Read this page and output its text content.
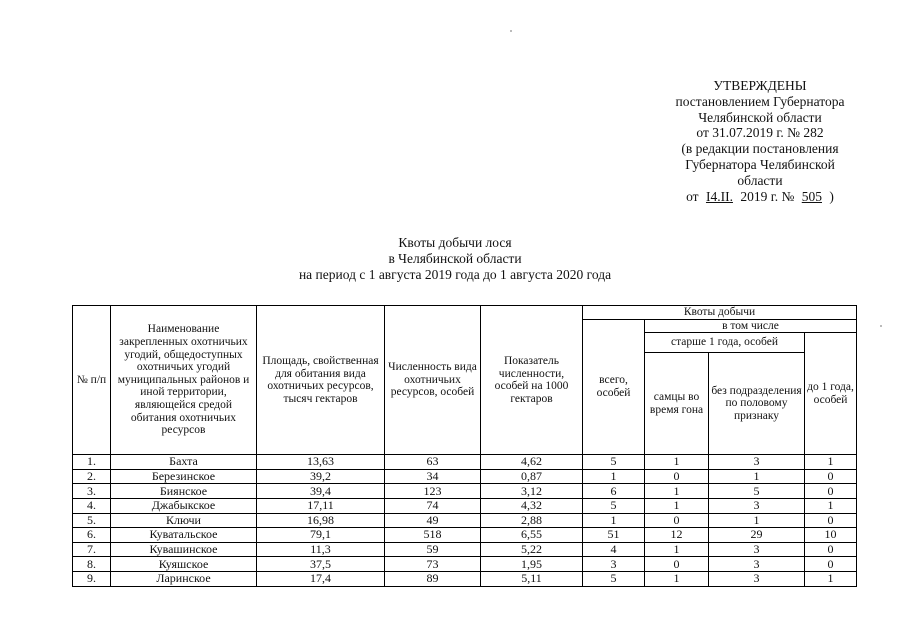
УТВЕРЖДЕНЫ
постановлением Губернатора
Челябинской области
от 31.07.2019 г. № 282
(в редакции постановления
Губернатора Челябинской
области
от I4.II. 2019 г. № 505 )
Квоты добычи лося
в Челябинской области
на период с 1 августа 2019 года до 1 августа 2020 года
№ п/п	Наименование закрепленных охотничьих угодий, общедоступных охотничьих угодий муниципальных районов и иной территории, являющейся средой обитания охотничьих ресурсов	Площадь, свойственная для обитания вида охотничьих ресурсов, тысяч гектаров	Численность вида охотничьих ресурсов, особей	Показатель численности, особей на 1000 гектаров	Квоты добычи			
					всего, особей	в том числе		
						старше 1 года, особей		до 1 года, особей
						самцы во время гона	без подразделения по половому признаку	
1.	Бахта	13,63	63	4,62	5	1	3	1
2.	Березинское	39,2	34	0,87	1	0	1	0
3.	Биянское	39,4	123	3,12	6	1	5	0
4.	Джабыкское	17,11	74	4,32	5	1	3	1
5.	Ключи	16,98	49	2,88	1	0	1	0
6.	Куватальское	79,1	518	6,55	51	12	29	10
7.	Кувашинское	11,3	59	5,22	4	1	3	0
8.	Куяшское	37,5	73	1,95	3	0	3	0
9.	Ларинское	17,4	89	5,11	5	1	3	1
